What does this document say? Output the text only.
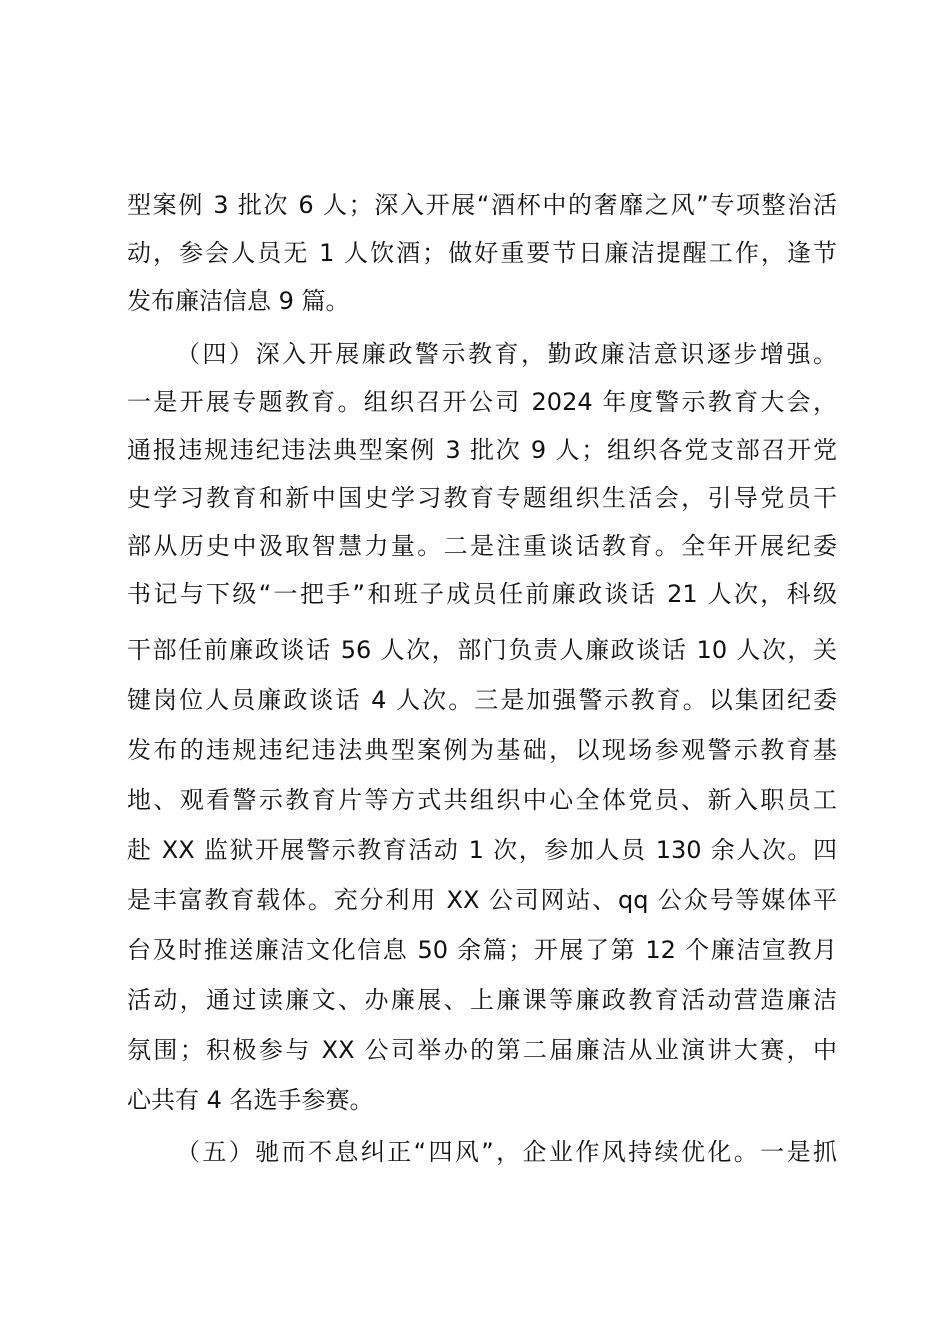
型案例 3 批次 6 人；深入开展“酒杯中的奢靡之风”专项整治活
动，参会人员无 1 人饮酒；做好重要节日廉洁提醒工作，逢节
发布廉洁信息 9 篇。
（四）深入开展廉政警示教育，勤政廉洁意识逐步增强。
一是开展专题教育。组织召开公司 2024 年度警示教育大会，
通报违规违纪违法典型案例 3 批次 9 人；组织各党支部召开党
史学习教育和新中国史学习教育专题组织生活会，引导党员干
部从历史中汲取智慧力量。二是注重谈话教育。全年开展纪委
书记与下级“一把手”和班子成员任前廉政谈话 21 人次，科级
干部任前廉政谈话 56 人次，部门负责人廉政谈话 10 人次，关
键岗位人员廉政谈话 4 人次。三是加强警示教育。以集团纪委
发布的违规违纪违法典型案例为基础，以现场参观警示教育基
地、观看警示教育片等方式共组织中心全体党员、新入职员工
赴 XX 监狱开展警示教育活动 1 次，参加人员 130 余人次。四
是丰富教育载体。充分利用 XX 公司网站、qq 公众号等媒体平
台及时推送廉洁文化信息 50 余篇；开展了第 12 个廉洁宣教月
活动，通过读廉文、办廉展、上廉课等廉政教育活动营造廉洁
氛围；积极参与 XX 公司举办的第二届廉洁从业演讲大赛，中
心共有 4 名选手参赛。
（五）驰而不息纠正“四风”，企业作风持续优化。一是抓
